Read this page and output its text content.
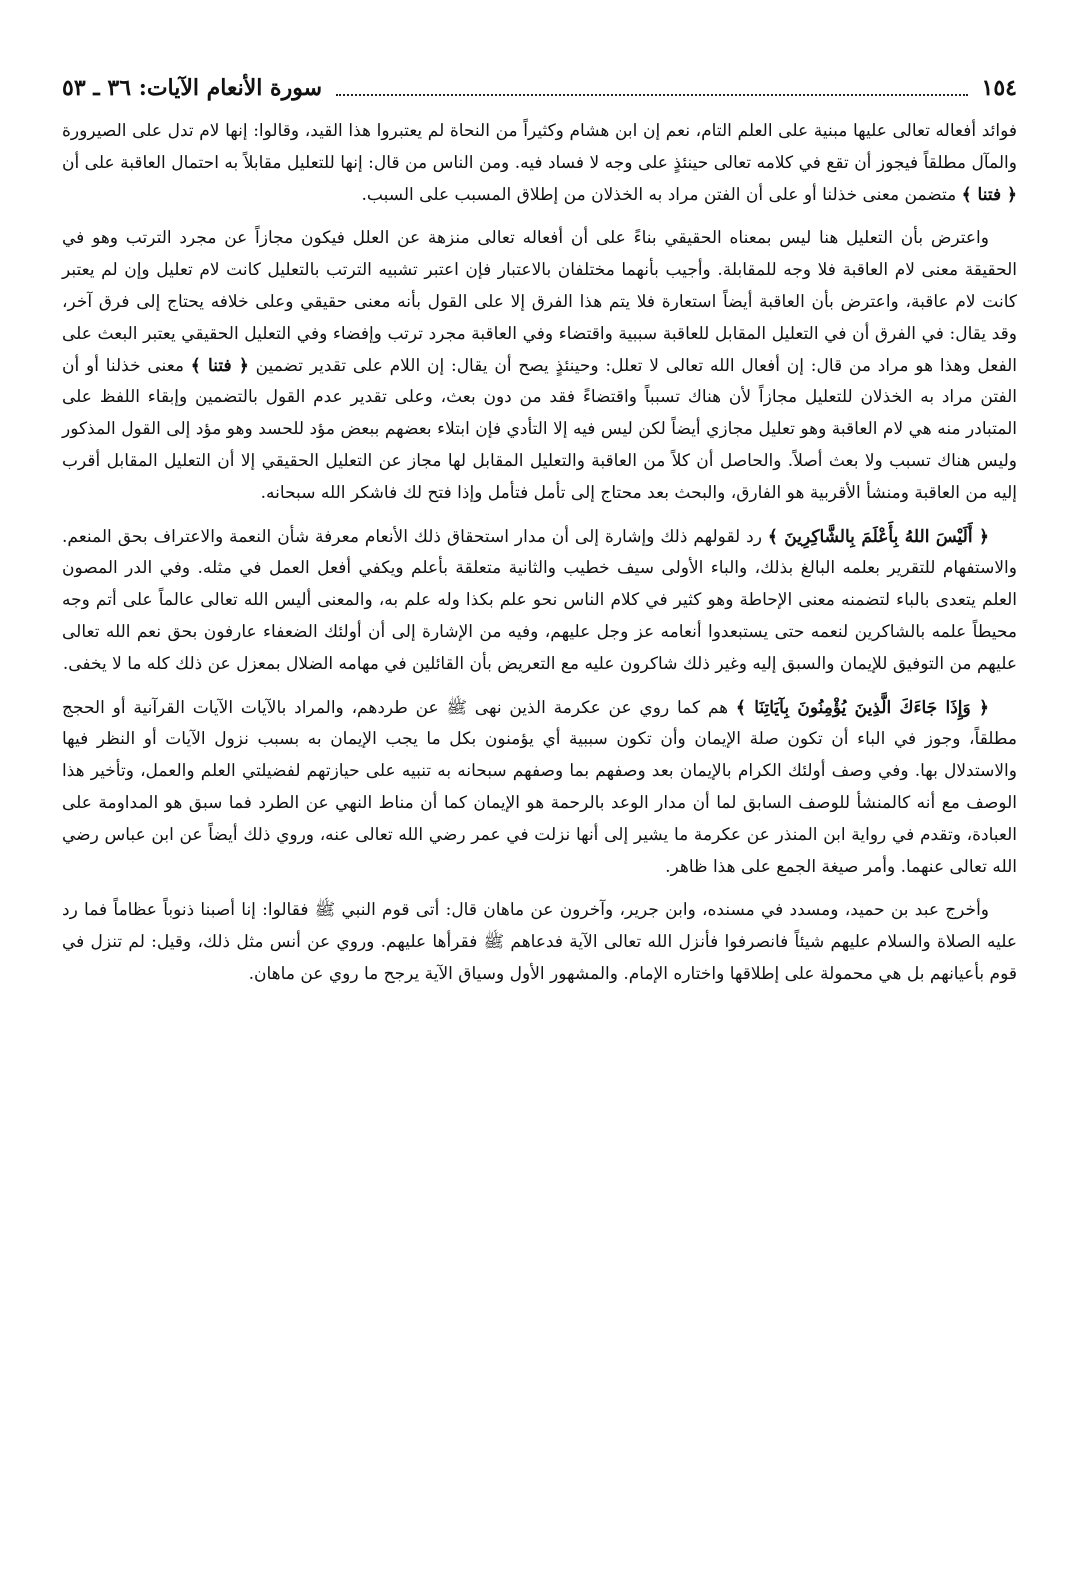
١٥٤
سورة الأنعام الآيات: ٣٦ ـ ٥٣

فوائد أفعاله تعالى عليها مبنية على العلم التام، نعم إن ابن هشام وكثيراً من النحاة لم يعتبروا هذا القيد، وقالوا: إنها لام تدل على الصيرورة والمآل مطلقاً فيجوز أن تقع في كلامه تعالى حينئذٍ على وجه لا فساد فيه. ومن الناس من قال: إنها للتعليل مقابلاً به احتمال العاقبة على أن ﴿ فتنا ﴾ متضمن معنى خذلنا أو على أن الفتن مراد به الخذلان من إطلاق المسبب على السبب.

واعترض بأن التعليل هنا ليس بمعناه الحقيقي بناءً على أن أفعاله تعالى منزهة عن العلل فيكون مجازاً عن مجرد الترتب وهو في الحقيقة معنى لام العاقبة فلا وجه للمقابلة. وأجيب بأنهما مختلفان بالاعتبار فإن اعتبر تشبيه الترتب بالتعليل كانت لام تعليل وإن لم يعتبر كانت لام عاقبة، واعترض بأن العاقبة أيضاً استعارة فلا يتم هذا الفرق إلا على القول بأنه معنى حقيقي وعلى خلافه يحتاج إلى فرق آخر، وقد يقال: في الفرق أن في التعليل المقابل للعاقبة سببية واقتضاء وفي العاقبة مجرد ترتب وإفضاء وفي التعليل الحقيقي يعتبر البعث على الفعل وهذا هو مراد من قال: إن أفعال الله تعالى لا تعلل: وحينئذٍ يصح أن يقال: إن اللام على تقدير تضمين ﴿ فتنا ﴾ معنى خذلنا أو أن الفتن مراد به الخذلان للتعليل مجازاً لأن هناك تسبباً واقتضاءً فقد من دون بعث، وعلى تقدير عدم القول بالتضمين وإبقاء اللفظ على المتبادر منه هي لام العاقبة وهو تعليل مجازي أيضاً لكن ليس فيه إلا التأدي فإن ابتلاء بعضهم ببعض مؤد للحسد وهو مؤد إلى القول المذكور وليس هناك تسبب ولا بعث أصلاً. والحاصل أن كلاً من العاقبة والتعليل المقابل لها مجاز عن التعليل الحقيقي إلا أن التعليل المقابل أقرب إليه من العاقبة ومنشأ الأقربية هو الفارق، والبحث بعد محتاج إلى تأمل فتأمل وإذا فتح لك فاشكر الله سبحانه.

﴿ أَلَيْسَ اللهُ بِأَعْلَمَ بِالشَّاكِرِينَ ﴾ رد لقولهم ذلك وإشارة إلى أن مدار استحقاق ذلك الأنعام معرفة شأن النعمة والاعتراف بحق المنعم. والاستفهام للتقرير بعلمه البالغ بذلك، والباء الأولى سيف خطيب والثانية متعلقة بأعلم ويكفي أفعل العمل في مثله. وفي الدر المصون العلم يتعدى بالباء لتضمنه معنى الإحاطة وهو كثير في كلام الناس نحو علم بكذا وله علم به، والمعنى أليس الله تعالى عالماً على أتم وجه محيطاً علمه بالشاكرين لنعمه حتى يستبعدوا أنعامه عز وجل عليهم، وفيه من الإشارة إلى أن أولئك الضعفاء عارفون بحق نعم الله تعالى عليهم من التوفيق للإيمان والسبق إليه وغير ذلك شاكرون عليه مع التعريض بأن القائلين في مهامه الضلال بمعزل عن ذلك كله ما لا يخفى.

﴿ وَإِذَا جَاءَكَ الَّذِينَ يُؤْمِنُونَ بِآيَاتِنَا ﴾ هم كما روي عن عكرمة الذين نهى ﷺ عن طردهم، والمراد بالآيات الآيات القرآنية أو الحجج مطلقاً، وجوز في الباء أن تكون صلة الإيمان وأن تكون سببية أي يؤمنون بكل ما يجب الإيمان به بسبب نزول الآيات أو النظر فيها والاستدلال بها. وفي وصف أولئك الكرام بالإيمان بعد وصفهم بما وصفهم سبحانه به تنبيه على حيازتهم لفضيلتي العلم والعمل، وتأخير هذا الوصف مع أنه كالمنشأ للوصف السابق لما أن مدار الوعد بالرحمة هو الإيمان كما أن مناط النهي عن الطرد فما سبق هو المداومة على العبادة، وتقدم في رواية ابن المنذر عن عكرمة ما يشير إلى أنها نزلت في عمر رضي الله تعالى عنه، وروي ذلك أيضاً عن ابن عباس رضي الله تعالى عنهما. وأمر صيغة الجمع على هذا ظاهر.

وأخرج عبد بن حميد، ومسدد في مسنده، وابن جرير، وآخرون عن ماهان قال: أتى قوم النبي ﷺ فقالوا: إنا أصبنا ذنوباً عظاماً فما رد عليه الصلاة والسلام عليهم شيئاً فانصرفوا فأنزل الله تعالى الآية فدعاهم ﷺ فقرأها عليهم. وروي عن أنس مثل ذلك، وقيل: لم تنزل في قوم بأعيانهم بل هي محمولة على إطلاقها واختاره الإمام. والمشهور الأول وسياق الآية يرجح ما روي عن ماهان.
